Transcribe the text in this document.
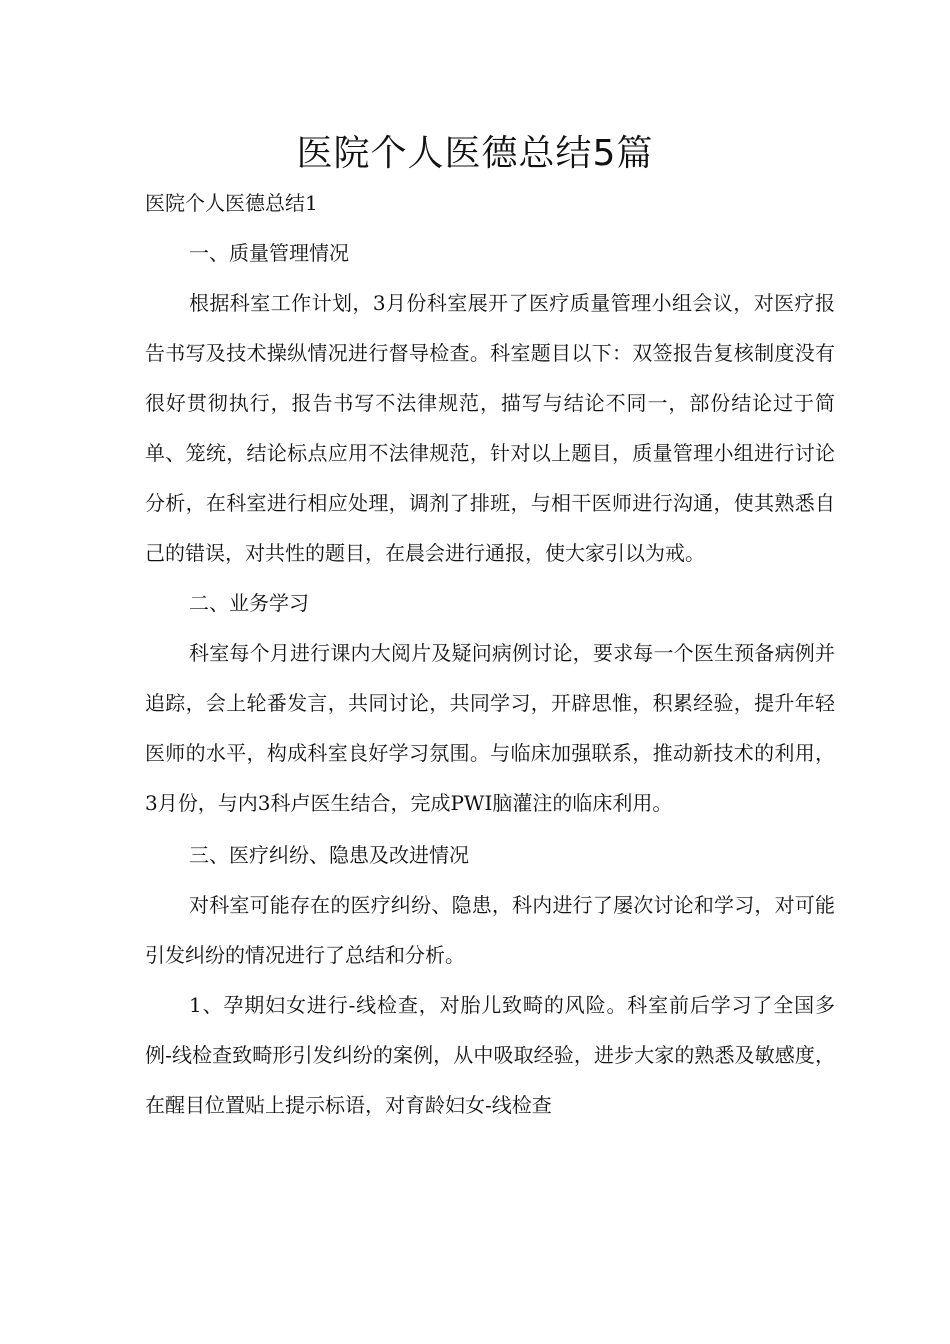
医院个人医德总结5篇

医院个人医德总结1

一、质量管理情况

根据科室工作计划，3月份科室展开了医疗质量管理小组会议，对医疗报告书写及技术操纵情况进行督导检查。科室题目以下：双签报告复核制度没有很好贯彻执行，报告书写不法律规范，描写与结论不同一，部份结论过于简单、笼统，结论标点应用不法律规范，针对以上题目，质量管理小组进行讨论分析，在科室进行相应处理，调剂了排班，与相干医师进行沟通，使其熟悉自己的错误，对共性的题目，在晨会进行通报，使大家引以为戒。

二、业务学习

科室每个月进行课内大阅片及疑问病例讨论，要求每一个医生预备病例并追踪，会上轮番发言，共同讨论，共同学习，开辟思惟，积累经验，提升年轻医师的水平，构成科室良好学习氛围。与临床加强联系，推动新技术的利用，3月份，与内3科卢医生结合，完成PWI脑灌注的临床利用。

三、医疗纠纷、隐患及改进情况

对科室可能存在的医疗纠纷、隐患，科内进行了屡次讨论和学习，对可能引发纠纷的情况进行了总结和分析。

1、孕期妇女进行-线检查，对胎儿致畸的风险。科室前后学习了全国多例-线检查致畸形引发纠纷的案例，从中吸取经验，进步大家的熟悉及敏感度，在醒目位置贴上提示标语，对育龄妇女-线检查
